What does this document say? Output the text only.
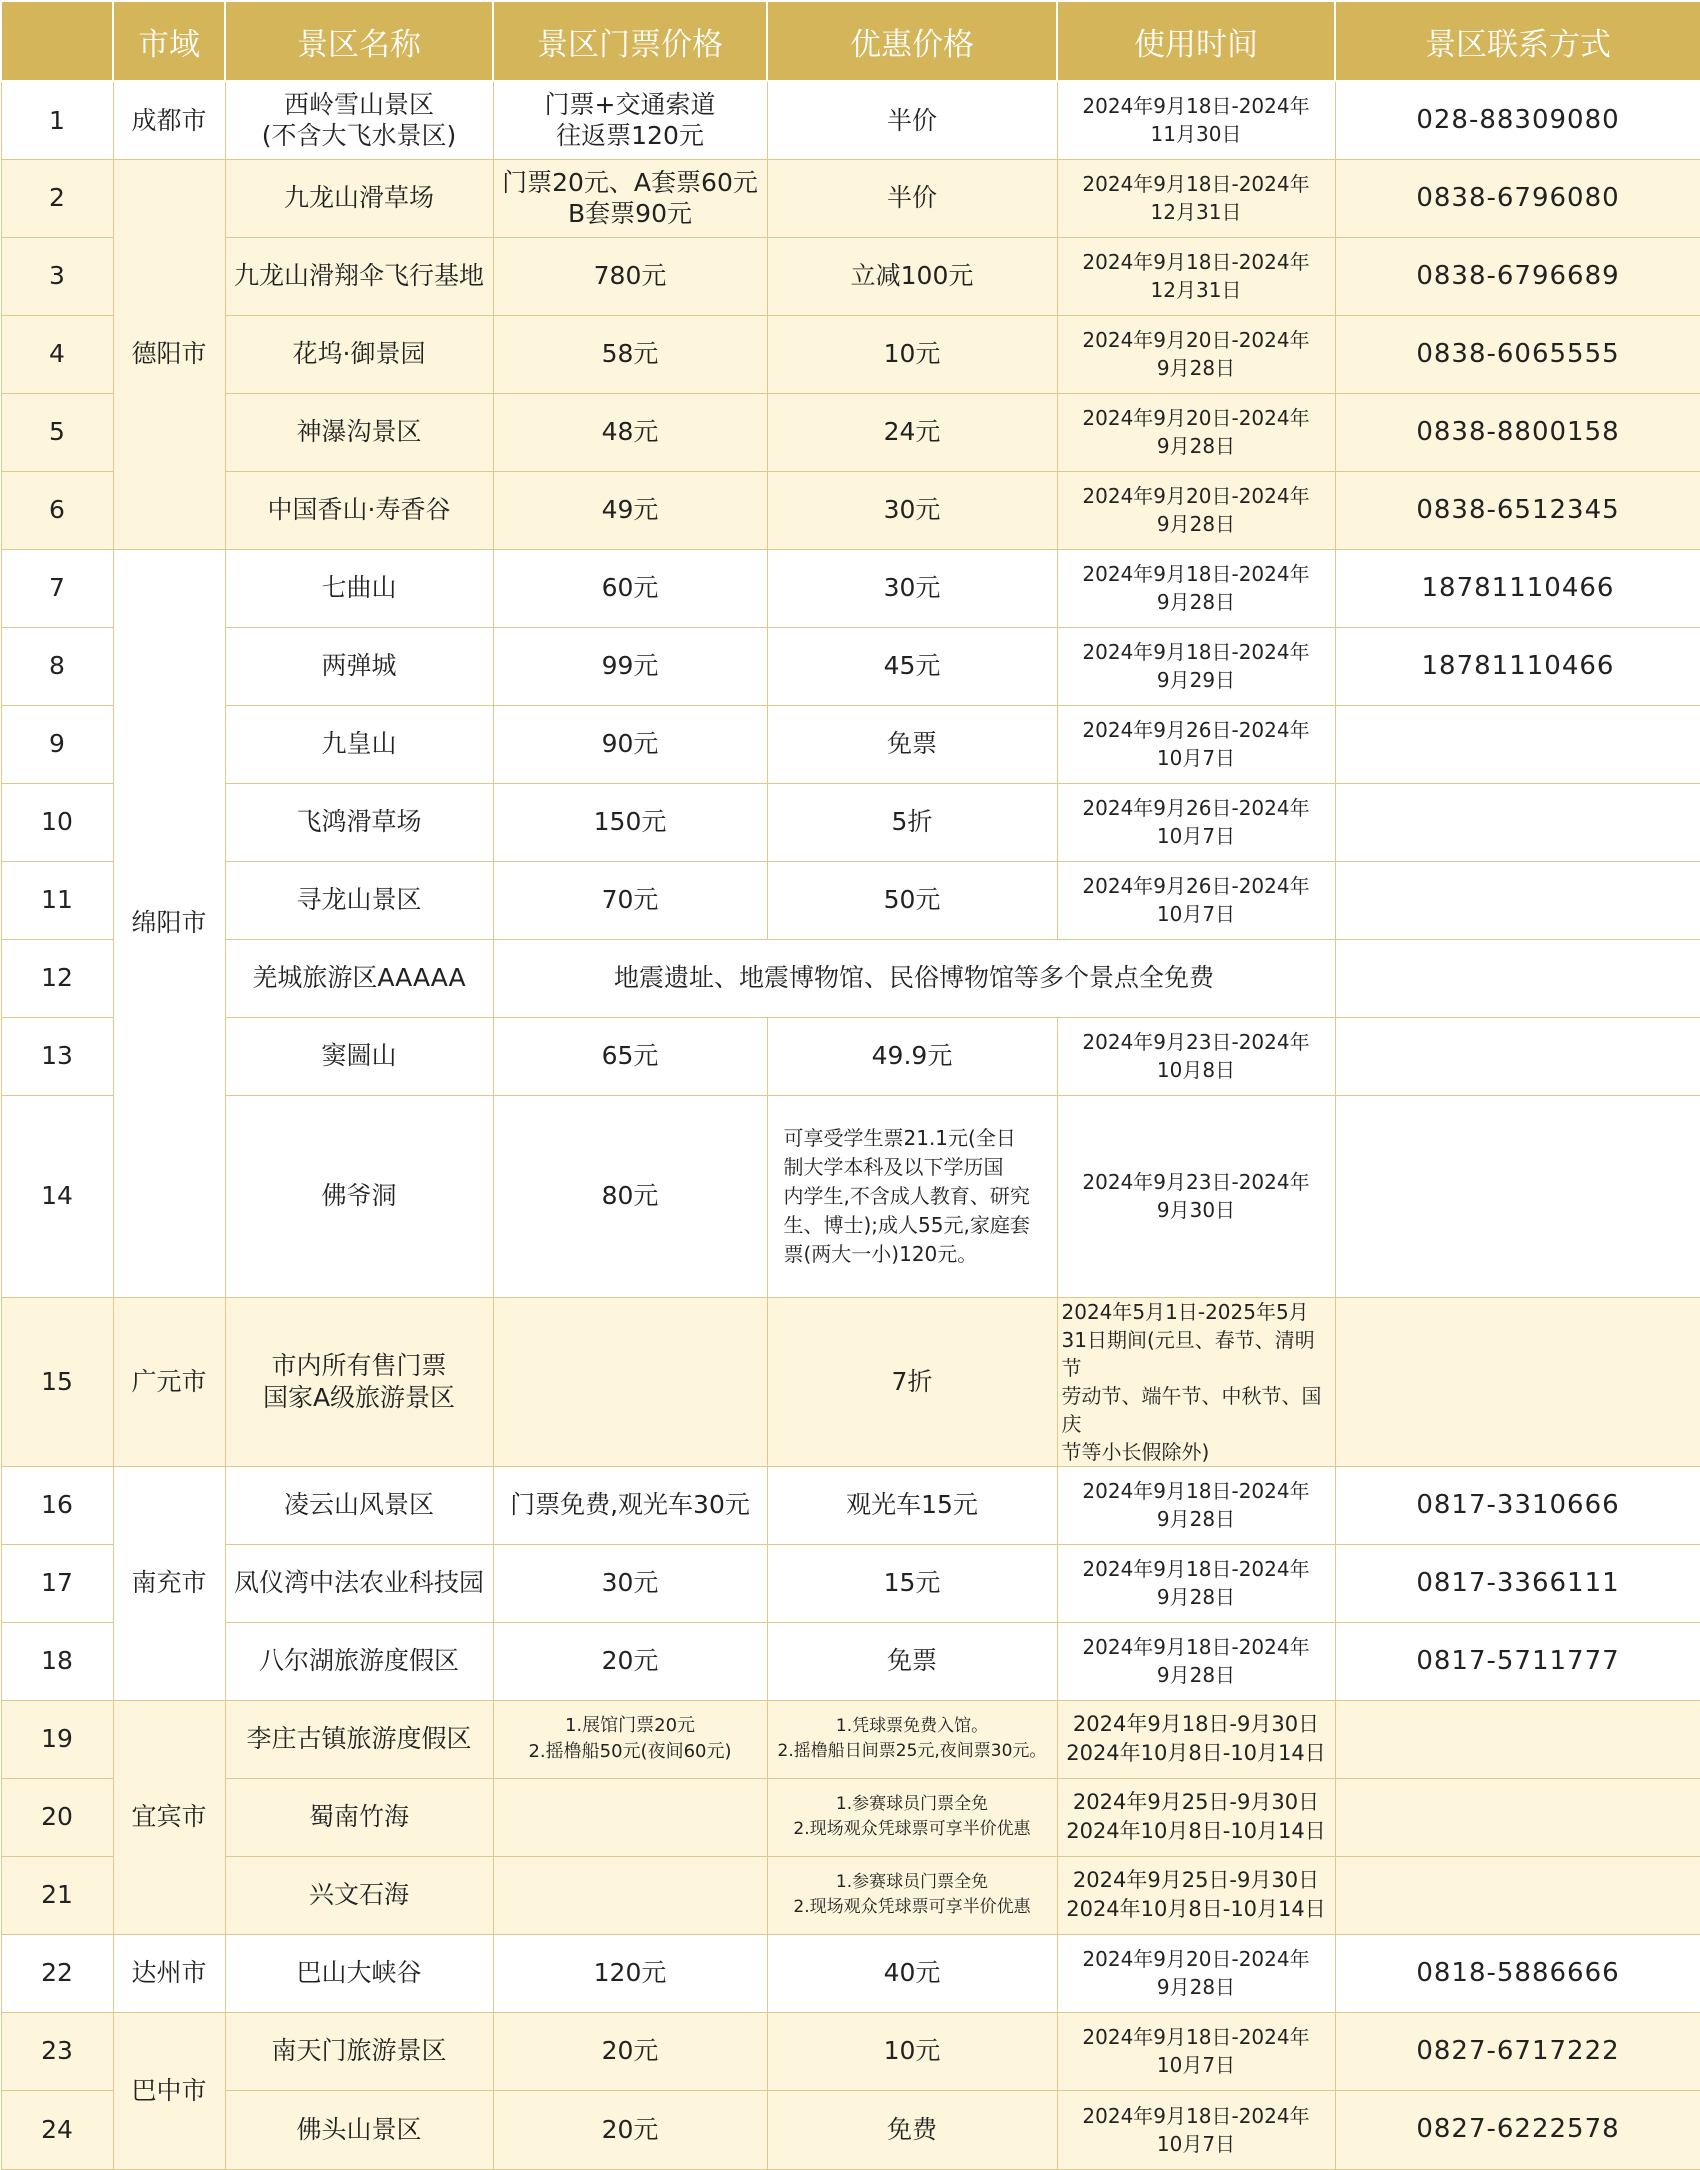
	市域	景区名称	景区门票价格	优惠价格	使用时间	景区联系方式
1	成都市	西岭雪山景区
(不含大飞水景区)	门票+交通索道
往返票120元	半价	2024年9月18日-2024年
11月30日	028-88309080
2	德阳市	九龙山滑草场	门票20元、A套票60元
B套票90元	半价	2024年9月18日-2024年
12月31日	0838-6796080
3		九龙山滑翔伞飞行基地	780元	立减100元	2024年9月18日-2024年
12月31日	0838-6796689
4		花坞·御景园	58元	10元	2024年9月20日-2024年
9月28日	0838-6065555
5		神瀑沟景区	48元	24元	2024年9月20日-2024年
9月28日	0838-8800158
6		中国香山·寿香谷	49元	30元	2024年9月20日-2024年
9月28日	0838-6512345
7	绵阳市	七曲山	60元	30元	2024年9月18日-2024年
9月28日	18781110466
8		两弹城	99元	45元	2024年9月18日-2024年
9月29日	18781110466
9		九皇山	90元	免票	2024年9月26日-2024年
10月7日	
10		飞鸿滑草场	150元	5折	2024年9月26日-2024年
10月7日	
11		寻龙山景区	70元	50元	2024年9月26日-2024年
10月7日	
12		羌城旅游区AAAAA	地震遗址、地震博物馆、民俗博物馆等多个景点全免费			
13		窦圌山	65元	49.9元	2024年9月23日-2024年
10月8日	
14		佛爷洞	80元	可享受学生票21.1元(全日
制大学本科及以下学历国
内学生,不含成人教育、研究
生、博士);成人55元,家庭套
票(两大一小)120元。	2024年9月23日-2024年
9月30日	
15	广元市	市内所有售门票
国家A级旅游景区		7折	2024年5月1日-2025年5月
31日期间(元旦、春节、清明节
劳动节、端午节、中秋节、国庆
节等小长假除外)	
16	南充市	凌云山风景区	门票免费,观光车30元	观光车15元	2024年9月18日-2024年
9月28日	0817-3310666
17		凤仪湾中法农业科技园	30元	15元	2024年9月18日-2024年
9月28日	0817-3366111
18		八尔湖旅游度假区	20元	免票	2024年9月18日-2024年
9月28日	0817-5711777
19	宜宾市	李庄古镇旅游度假区	1.展馆门票20元
2.摇橹船50元(夜间60元)	1.凭球票免费入馆。
2.摇橹船日间票25元,夜间票30元。	2024年9月18日-9月30日
2024年10月8日-10月14日	
20		蜀南竹海		1.参赛球员门票全免
2.现场观众凭球票可享半价优惠	2024年9月25日-9月30日
2024年10月8日-10月14日	
21		兴文石海		1.参赛球员门票全免
2.现场观众凭球票可享半价优惠	2024年9月25日-9月30日
2024年10月8日-10月14日	
22	达州市	巴山大峡谷	120元	40元	2024年9月20日-2024年
9月28日	0818-5886666
23	巴中市	南天门旅游景区	20元	10元	2024年9月18日-2024年
10月7日	0827-6717222
24		佛头山景区	20元	免费	2024年9月18日-2024年
10月7日	0827-6222578
